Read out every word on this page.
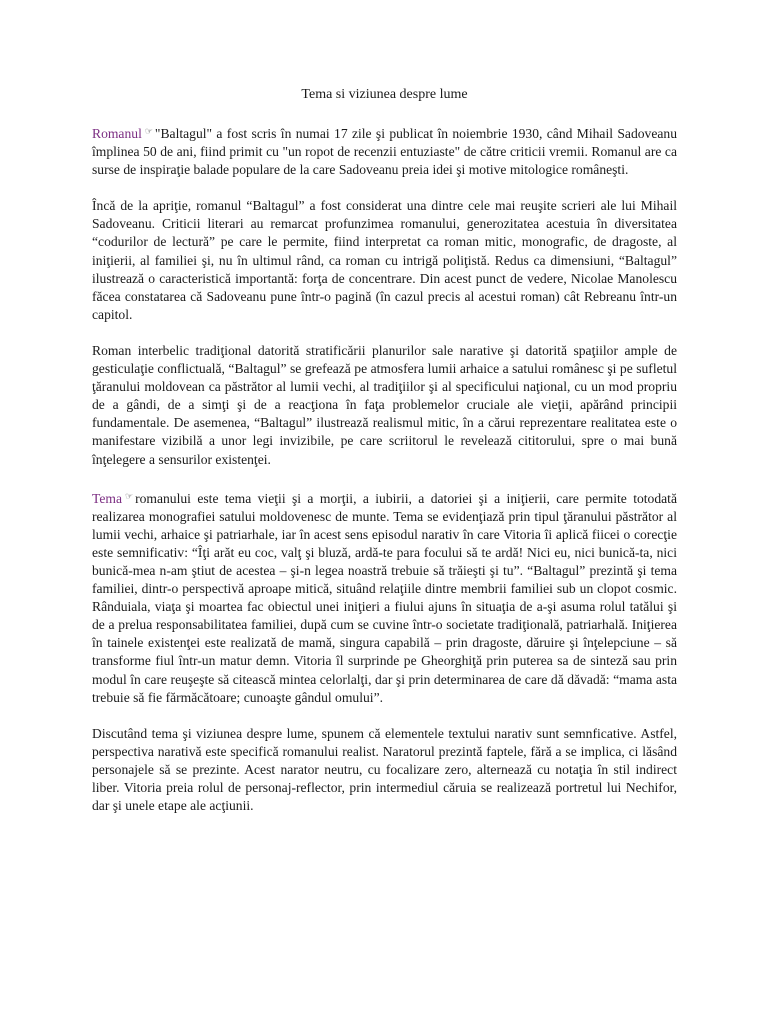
Tema si viziunea despre lume

Romanul ☞ "Baltagul" a fost scris în numai 17 zile şi publicat în noiembrie 1930, când Mihail Sadoveanu împlinea 50 de ani, fiind primit cu "un ropot de recenzii entuziaste" de către criticii vremii. Romanul are ca surse de inspiraţie balade populare de la care Sadoveanu preia idei şi motive mitologice româneşti.

Încă de la apriţie, romanul “Baltagul” a fost considerat una dintre cele mai reuşite scrieri ale lui Mihail Sadoveanu. Criticii literari au remarcat profunzimea romanului, generozitatea acestuia în diversitatea “codurilor de lectură” pe care le permite, fiind interpretat ca roman mitic, monografic, de dragoste, al iniţierii, al familiei şi, nu în ultimul rând, ca roman cu intrigă poliţistă. Redus ca dimensiuni, “Baltagul” ilustrează o caracteristică importantă: forţa de concentrare. Din acest punct de vedere, Nicolae Manolescu făcea constatarea că Sadoveanu pune într-o pagină (în cazul precis al acestui roman) cât Rebreanu într-un capitol.

Roman interbelic tradiţional datorită stratificării planurilor sale narative şi datorită spaţiilor ample de gesticulaţie conflictuală, “Baltagul” se grefează pe atmosfera lumii arhaice a satului românesc şi pe sufletul ţăranului moldovean ca păstrător al lumii vechi, al tradiţiilor şi al specificului naţional, cu un mod propriu de a gândi, de a simţi şi de a reacţiona în faţa problemelor cruciale ale vieţii, apărând principii fundamentale. De asemenea, “Baltagul” ilustrează realismul mitic, în a cărui reprezentare realitatea este o manifestare vizibilă a unor legi invizibile, pe care scriitorul le revelează cititorului, spre o mai bună înţelegere a sensurilor existenţei.

Tema ☞ romanului este tema vieţii şi a morţii, a iubirii, a datoriei şi a iniţierii, care permite totodată realizarea monografiei satului moldovenesc de munte. Tema se evidenţiază prin tipul ţăranului păstrător al lumii vechi, arhaice şi patriarhale, iar în acest sens episodul narativ în care Vitoria îi aplică fiicei o corecţie este semnificativ: “Îţi arăt eu coc, valţ şi bluză, ardă-te para focului să te ardă! Nici eu, nici bunică-ta, nici bunică-mea n-am ştiut de acestea – şi-n legea noastră trebuie să trăieşti şi tu”. “Baltagul” prezintă şi tema familiei, dintr-o perspectivă aproape mitică, situând relaţiile dintre membrii familiei sub un clopot cosmic. Rânduiala, viaţa şi moartea fac obiectul unei iniţieri a fiului ajuns în situaţia de a-şi asuma rolul tatălui şi de a prelua responsabilitatea familiei, după cum se cuvine într-o societate tradiţională, patriarhală. Iniţierea în tainele existenţei este realizată de mamă, singura capabilă – prin dragoste, dăruire şi înţelepciune – să transforme fiul într-un matur demn. Vitoria îl surprinde pe Gheorghiţă prin puterea sa de sinteză sau prin modul în care reuşeşte să citească mintea celorlalţi, dar şi prin determinarea de care dă dăvadă: “mama asta trebuie să fie fărmăcătoare; cunoaşte gândul omului”.

Discutând tema şi viziunea despre lume, spunem că elementele textului narativ sunt semnficative. Astfel, perspectiva narativă este specifică romanului realist. Naratorul prezintă faptele, fără a se implica, ci lăsând personajele să se prezinte. Acest narator neutru, cu focalizare zero, alternează cu notaţia în stil indirect liber. Vitoria preia rolul de personaj-reflector, prin intermediul căruia se realizează portretul lui Nechifor, dar şi unele etape ale acţiunii.
